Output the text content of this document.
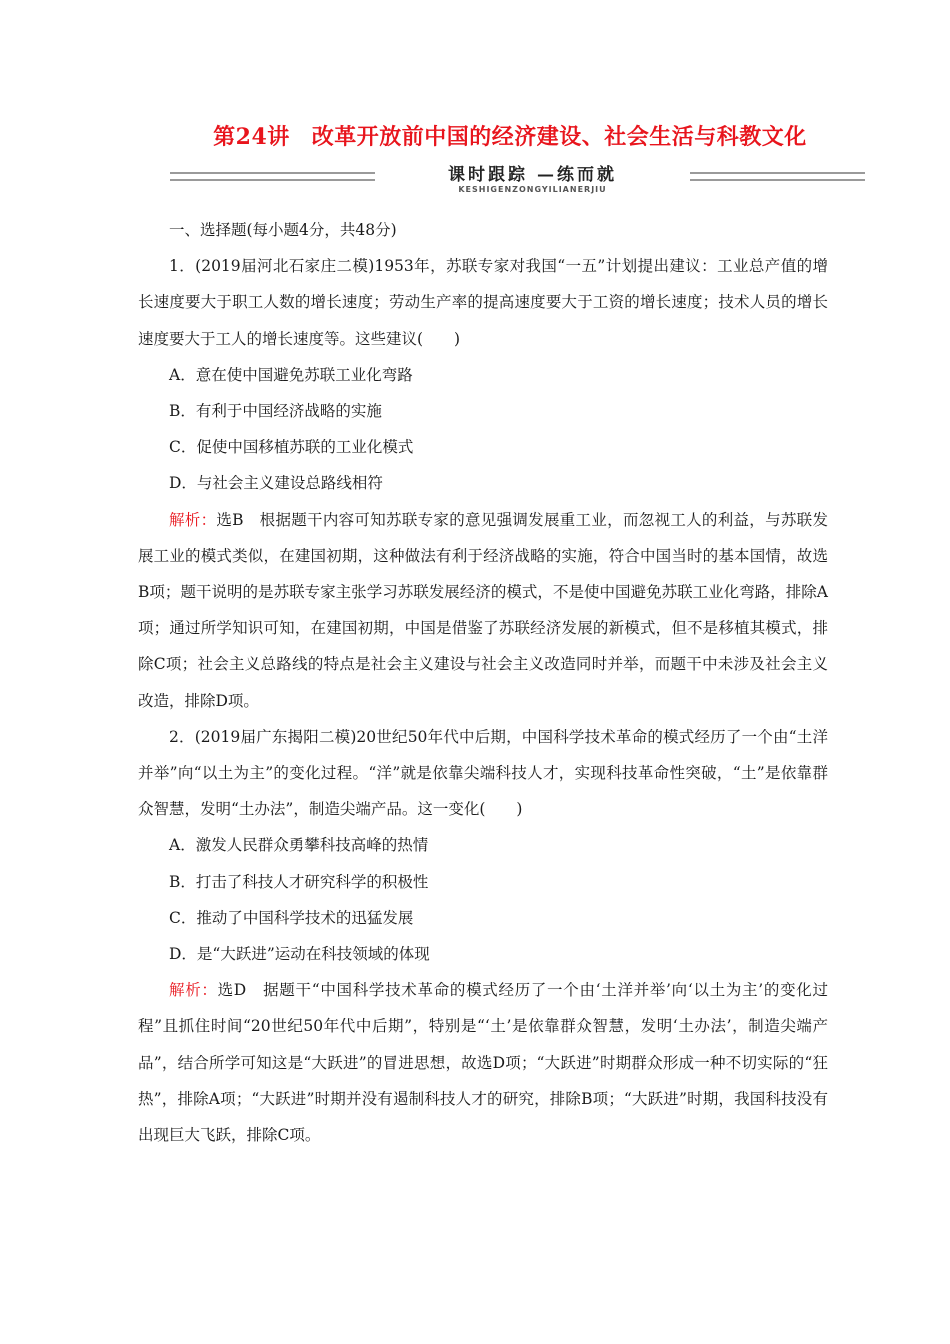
第24讲 改革开放前中国的经济建设、社会生活与科教文化
课时跟踪 —练而就
KESHIGENZONGYILIANERJIU

一、选择题(每小题4分，共48分)

1．(2019届河北石家庄二模)1953年，苏联专家对我国“一五”计划提出建议：工业总产值的增长速度要大于职工人数的增长速度；劳动生产率的提高速度要大于工资的增长速度；技术人员的增长速度要大于工人的增长速度等。这些建议(　　)

A．意在使中国避免苏联工业化弯路

B．有利于中国经济战略的实施

C．促使中国移植苏联的工业化模式

D．与社会主义建设总路线相符

解析：选B　根据题干内容可知苏联专家的意见强调发展重工业，而忽视工人的利益，与苏联发展工业的模式类似，在建国初期，这种做法有利于经济战略的实施，符合中国当时的基本国情，故选B项；题干说明的是苏联专家主张学习苏联发展经济的模式，不是使中国避免苏联工业化弯路，排除A项；通过所学知识可知，在建国初期，中国是借鉴了苏联经济发展的新模式，但不是移植其模式，排除C项；社会主义总路线的特点是社会主义建设与社会主义改造同时并举，而题干中未涉及社会主义改造，排除D项。

2．(2019届广东揭阳二模)20世纪50年代中后期，中国科学技术革命的模式经历了一个由“土洋并举”向“以土为主”的变化过程。“洋”就是依靠尖端科技人才，实现科技革命性突破，“土”是依靠群众智慧，发明“土办法”，制造尖端产品。这一变化(　　)

A．激发人民群众勇攀科技高峰的热情

B．打击了科技人才研究科学的积极性

C．推动了中国科学技术的迅猛发展

D．是“大跃进”运动在科技领域的体现

解析：选D　据题干“中国科学技术革命的模式经历了一个由‘土洋并举’向‘以土为主’的变化过程”且抓住时间“20世纪50年代中后期”，特别是“‘土’是依靠群众智慧，发明‘土办法’，制造尖端产品”，结合所学可知这是“大跃进”的冒进思想，故选D项；“大跃进”时期群众形成一种不切实际的“狂热”，排除A项；“大跃进”时期并没有遏制科技人才的研究，排除B项；“大跃进”时期，我国科技没有出现巨大飞跃，排除C项。
